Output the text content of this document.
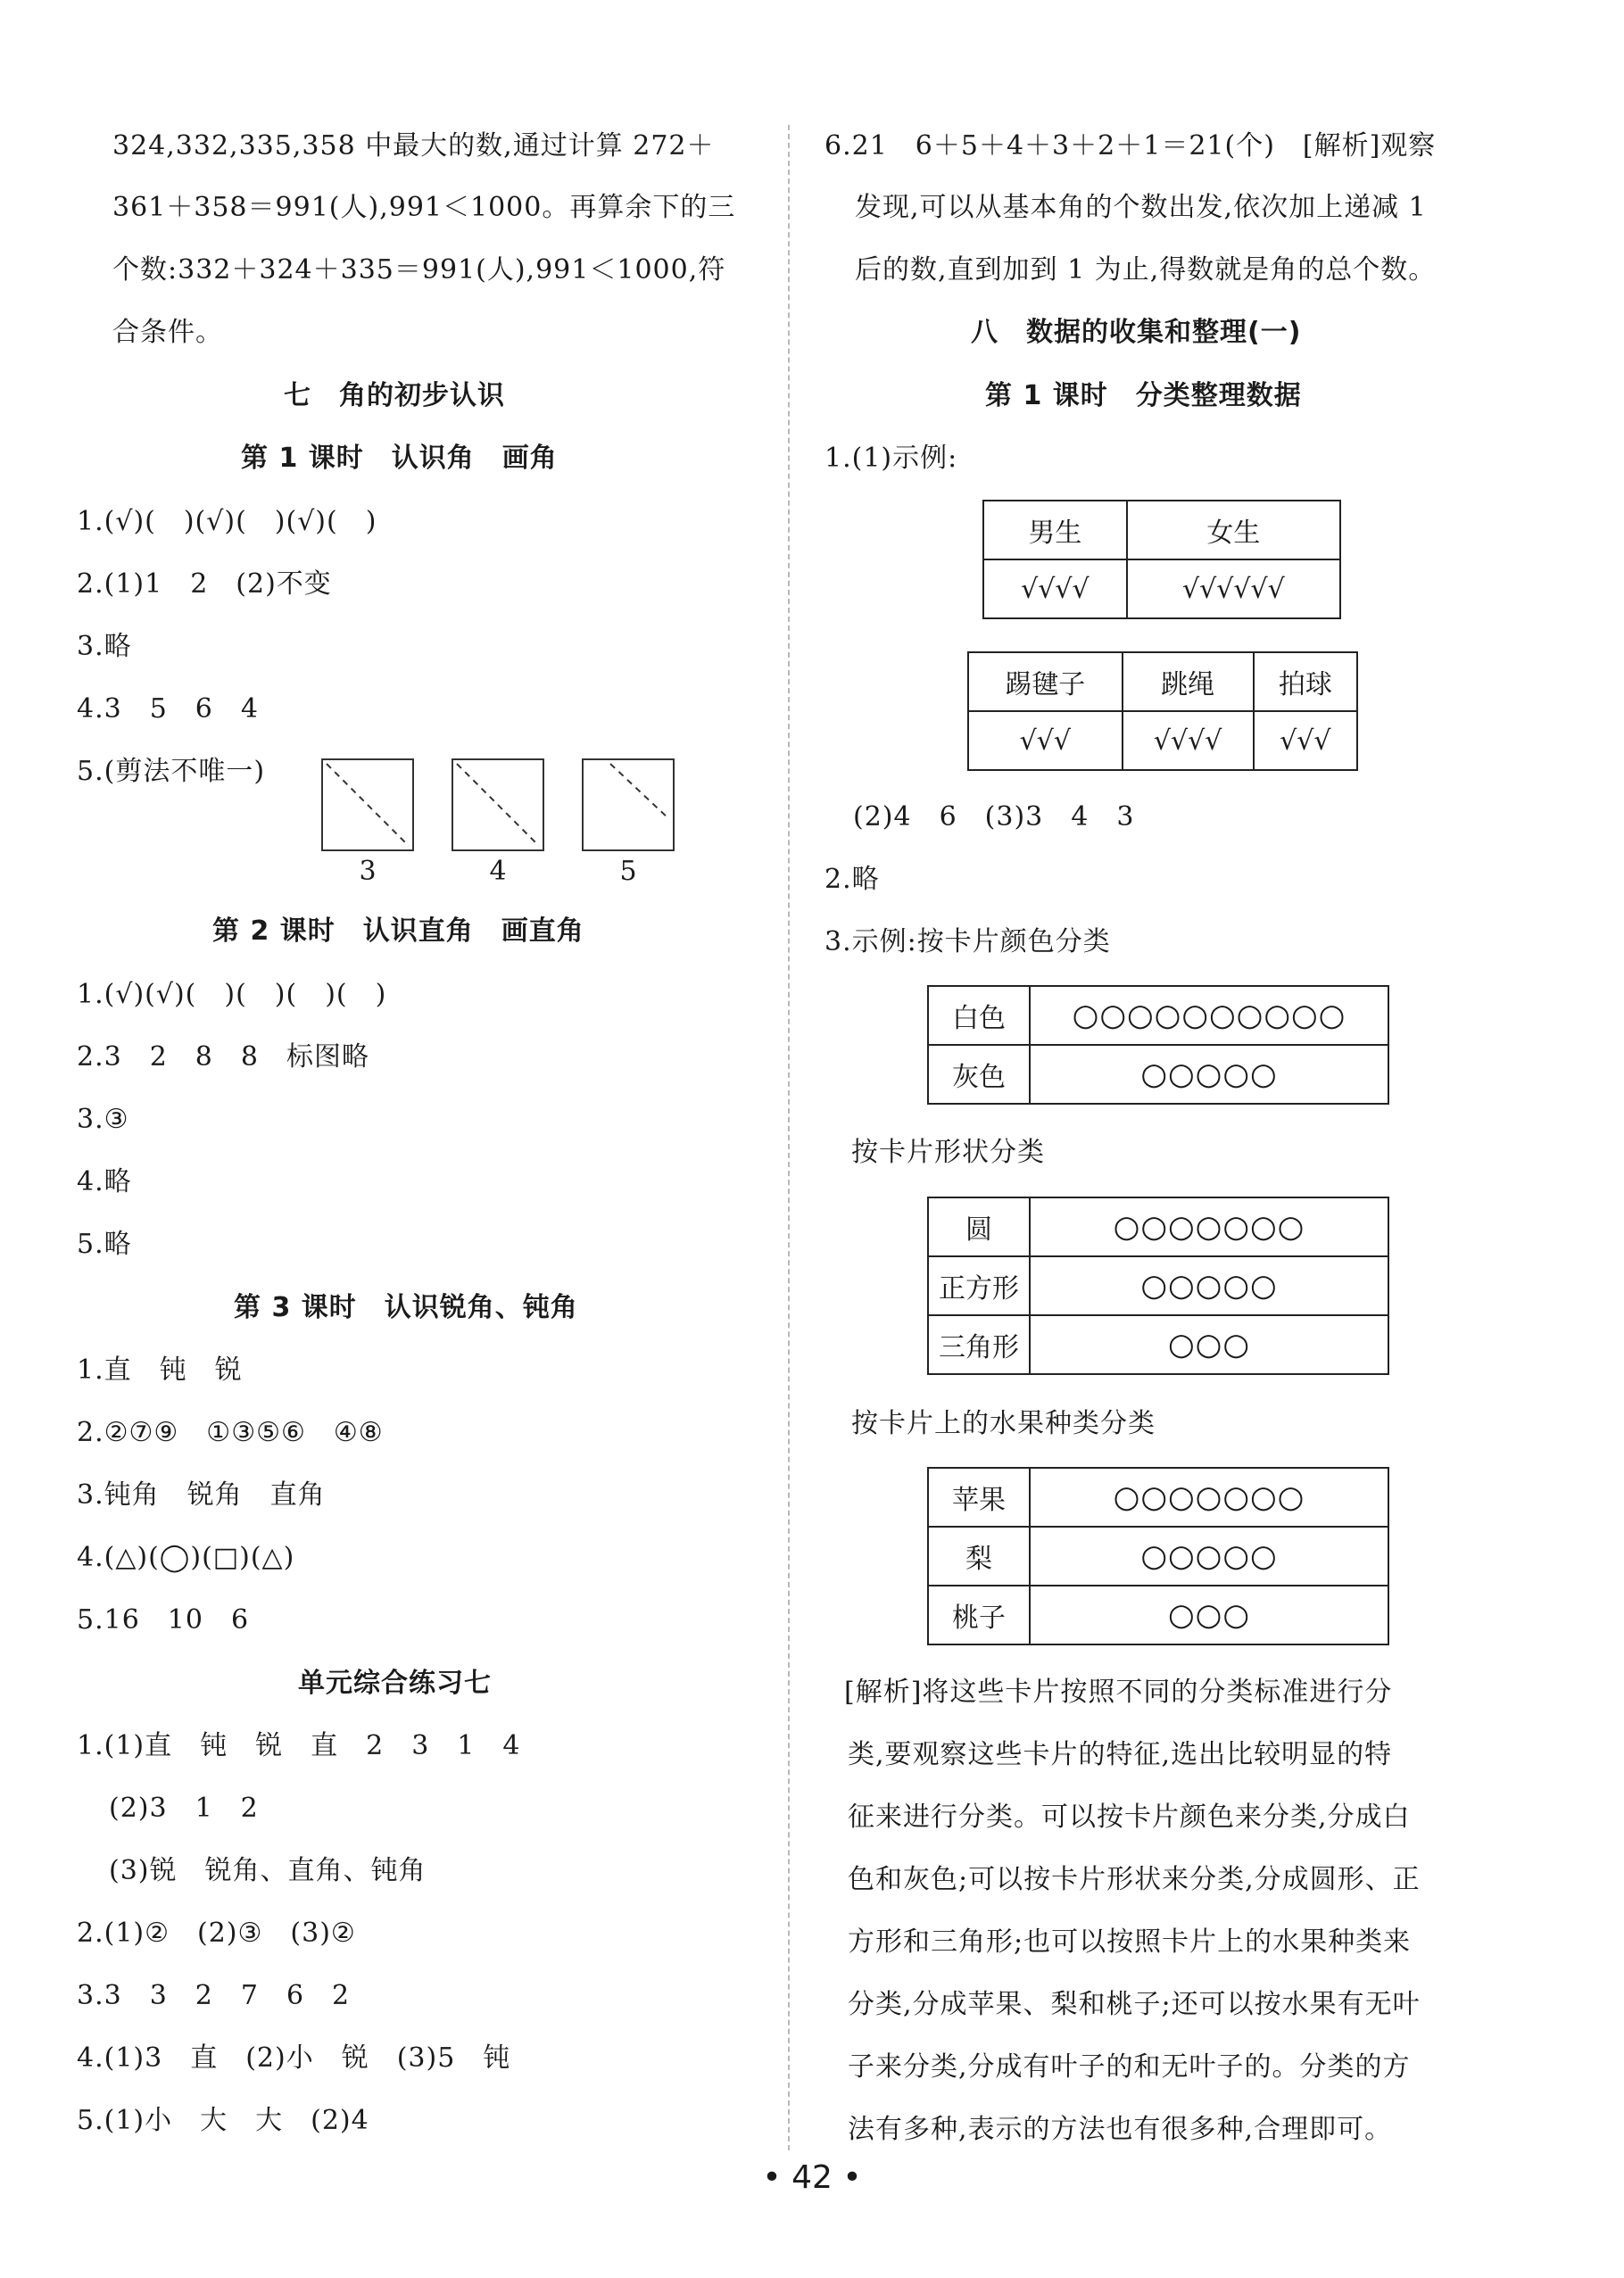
324,332,335,358 中最大的数,通过计算 272＋
361＋358＝991(人),991＜1000。再算余下的三
个数:332＋324＋335＝991(人),991＜1000,符
合条件。
七　角的初步认识
第 1 课时　认识角　画角
1.(√)(　)(√)(　)(√)(　)
2.(1)1　2　(2)不变
3.略
4.3　5　6　4
5.(剪法不唯一)
3	4	5
第 2 课时　认识直角　画直角
1.(√)(√)(　)(　)(　)(　)
2.3　2　8　8　标图略
3.③
4.略
5.略
第 3 课时　认识锐角、钝角
1.直　钝　锐
2.②⑦⑨　①③⑤⑥　④⑧
3.钝角　锐角　直角
4.(△)(◯)(□)(△)
5.16　10　6
单元综合练习七
1.(1)直　钝　锐　直　2　3　1　4
(2)3　1　2
(3)锐　锐角、直角、钝角
2.(1)②　(2)③　(3)②
3.3　3　2　7　6　2
4.(1)3　直　(2)小　锐　(3)5　钝
5.(1)小　大　大　(2)4
6.21　6＋5＋4＋3＋2＋1＝21(个)　[解析]观察
发现,可以从基本角的个数出发,依次加上递减 1
后的数,直到加到 1 为止,得数就是角的总个数。
八　数据的收集和整理(一)
第 1 课时　分类整理数据
1.(1)示例:
男生	女生
√√√√	√√√√√√
踢毽子	跳绳	拍球
√√√	√√√√	√√√
(2)4　6　(3)3　4　3
2.略
3.示例:按卡片颜色分类
白色	○○○○○○○○○○
灰色	○○○○○
按卡片形状分类
圆	○○○○○○○
正方形	○○○○○
三角形	○○○
按卡片上的水果种类分类
苹果	○○○○○○○
梨	○○○○○
桃子	○○○
[解析]将这些卡片按照不同的分类标准进行分
类,要观察这些卡片的特征,选出比较明显的特
征来进行分类。可以按卡片颜色来分类,分成白
色和灰色;可以按卡片形状来分类,分成圆形、正
方形和三角形;也可以按照卡片上的水果种类来
分类,分成苹果、梨和桃子;还可以按水果有无叶
子来分类,分成有叶子的和无叶子的。分类的方
法有多种,表示的方法也有很多种,合理即可。
• 42 •
